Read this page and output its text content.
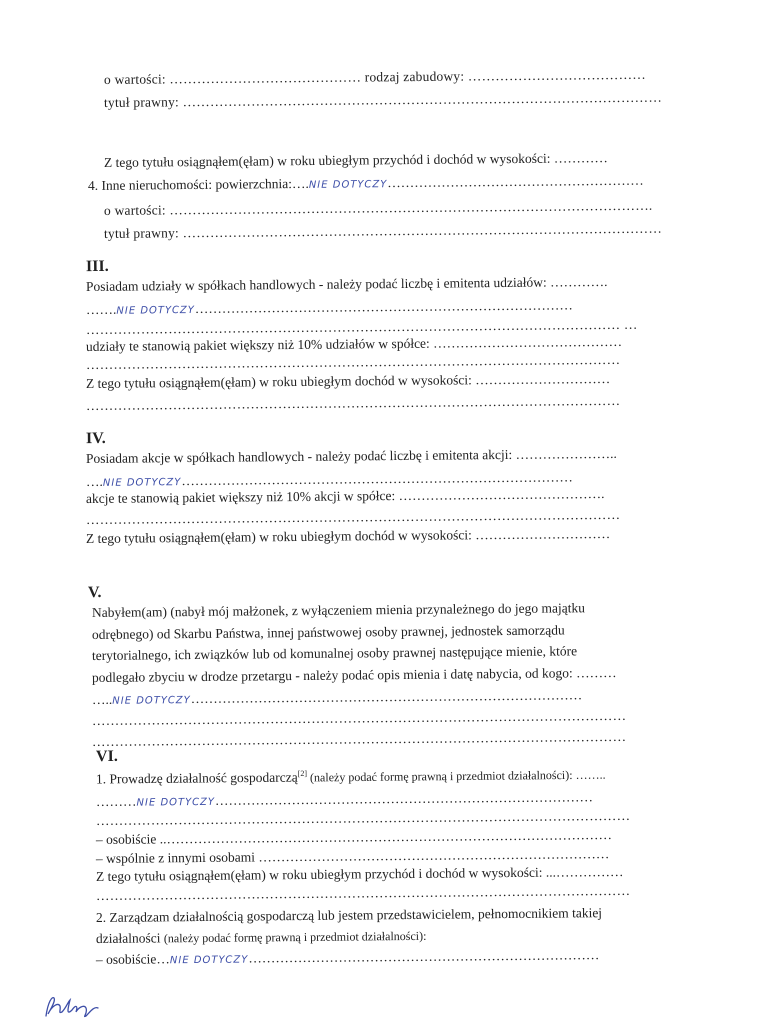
o wartości: …………………………………… rodzaj zabudowy: …………………………………
tytuł prawny: ……………………………………………………………………………………………
Z tego tytułu osiągnąłem(ęłam) w roku ubiegłym przychód i dochód w wysokości: …………
4. Inne nieruchomości: powierzchnia:….NIE DOTYCZY…………………………………………………
o wartości: …………………………………………………………………………………………….
tytuł prawny: ……………………………………………………………………………………………
III.
Posiadam udziały w spółkach handlowych - należy podać liczbę i emitenta udziałów: ………….
…….NIE DOTYCZY…………………………………………………………………………
……………………………………………………………………………………………………… …
udziały te stanowią pakiet większy niż 10% udziałów w spółce: ……………………………………
………………………………………………………………………………………………………
Z tego tytułu osiągnąłem(ęłam) w roku ubiegłym dochód w wysokości: …………………………
………………………………………………………………………………………………………
IV.
Posiadam akcje w spółkach handlowych - należy podać liczbę i emitenta akcji: …………………..
….NIE DOTYCZY……………………………………………………………………………
akcje te stanowią pakiet większy niż 10% akcji w spółce: ……………………………………….
………………………………………………………………………………………………………
Z tego tytułu osiągnąłem(ęłam) w roku ubiegłym dochód w wysokości: …………………………
V.
Nabyłem(am) (nabył mój małżonek, z wyłączeniem mienia przynależnego do jego majątku
odrębnego) od Skarbu Państwa, innej państwowej osoby prawnej, jednostek samorządu
terytorialnego, ich związków lub od komunalnej osoby prawnej następujące mienie, które
podlegało zbyciu w drodze przetargu - należy podać opis mienia i datę nabycia, od kogo: ………
…..NIE DOTYCZY……………………………………………………………………………
………………………………………………………………………………………………………
………………………………………………………………………………………………………
VI.
1. Prowadzę działalność gospodarczą[2] (należy podać formę prawną i przedmiot działalności): ……..
………NIE DOTYCZY…………………………………………………………………………
………………………………………………………………………………………………………
– osobiście ..………………………………………………………………………………………
– wspólnie z innymi osobami ……………………………………………………………………
Z tego tytułu osiągnąłem(ęłam) w roku ubiegłym przychód i dochód w wysokości: ...……………
………………………………………………………………………………………………………
2. Zarządzam działalnością gospodarczą lub jestem przedstawicielem, pełnomocnikiem takiej
działalności (należy podać formę prawną i przedmiot działalności):
– osobiście…NIE DOTYCZY……………………………………………………………………
